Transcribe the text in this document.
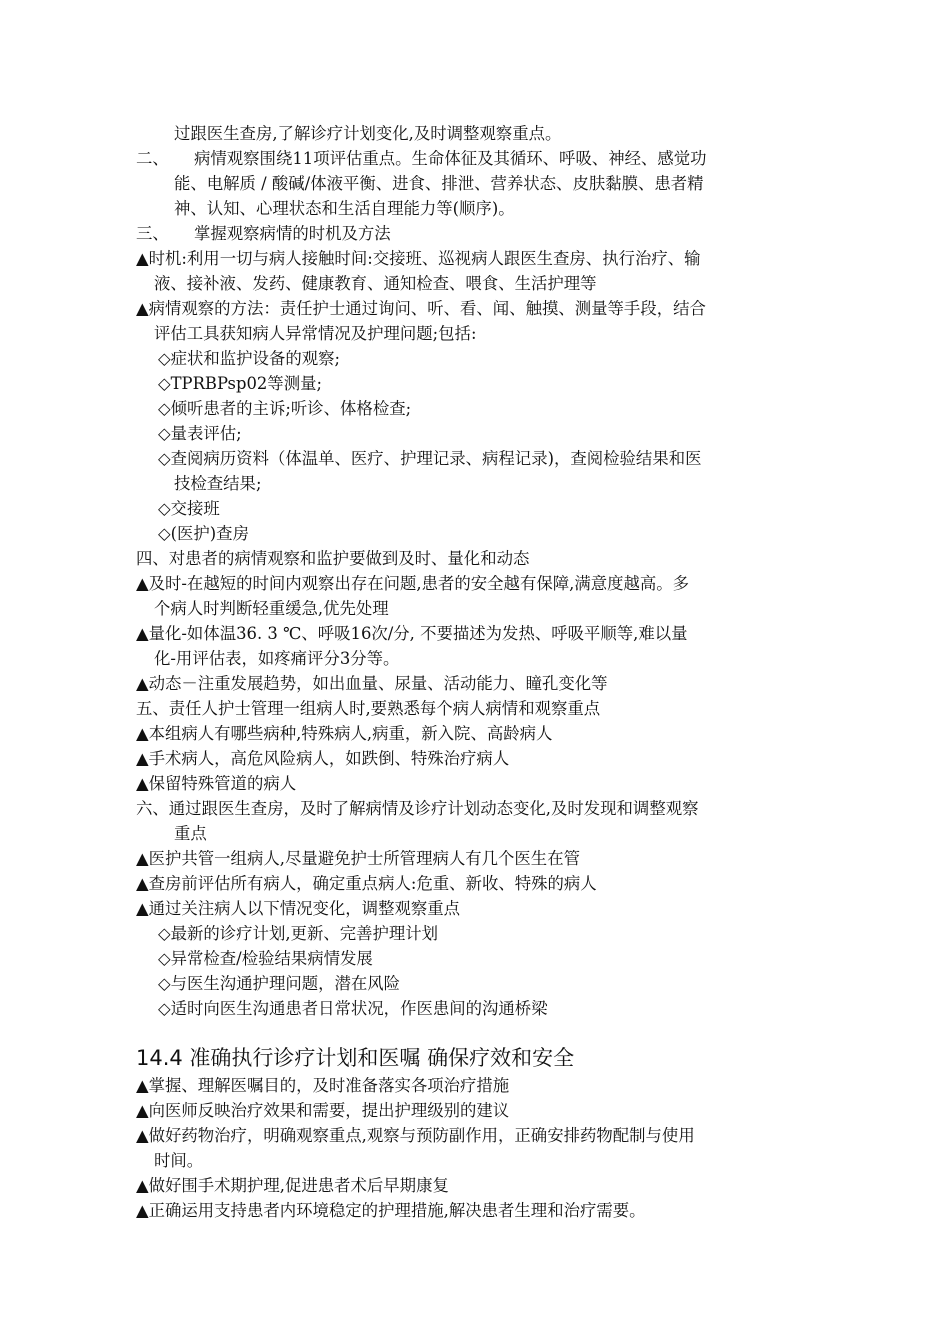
过跟医生查房,了解诊疗计划变化,及时调整观察重点。
二、 病情观察围绕11项评估重点。生命体征及其循环、呼吸、神经、感觉功
能、电解质 / 酸碱/体液平衡、进食、排泄、营养状态、皮肤黏膜、患者精
神、认知、心理状态和生活自理能力等(顺序)。
三、 掌握观察病情的时机及方法
▲时机:利用一切与病人接触时间:交接班、巡视病人跟医生查房、执行治疗、输
液、接补液、发药、健康教育、通知检查、喂食、生活护理等
▲病情观察的方法：责任护士通过询问、听、看、闻、触摸、测量等手段，结合
评估工具获知病人异常情况及护理问题;包括:
◇症状和监护设备的观察;
◇TPRBPsp02等测量;
◇倾听患者的主诉;听诊、体格检查;
◇量表评估;
◇查阅病历资料（体温单、医疗、护理记录、病程记录)，查阅检验结果和医
技检查结果;
◇交接班
◇(医护)查房
四、对患者的病情观察和监护要做到及时、量化和动态
▲及时-在越短的时间内观察出存在问题,患者的安全越有保障,满意度越高。多
个病人时判断轻重缓急,优先处理
▲量化-如体温36. 3 ℃、呼吸16次/分, 不要描述为发热、呼吸平顺等,难以量
化-用评估表，如疼痛评分3分等。
▲动态－注重发展趋势，如出血量、尿量、活动能力、瞳孔变化等
五、责任人护士管理一组病人时,要熟悉每个病人病情和观察重点
▲本组病人有哪些病种,特殊病人,病重，新入院、高龄病人
▲手术病人，高危风险病人，如跌倒、特殊治疗病人
▲保留特殊管道的病人
六、通过跟医生查房，及时了解病情及诊疗计划动态变化,及时发现和调整观察
重点
▲医护共管一组病人,尽量避免护士所管理病人有几个医生在管
▲查房前评估所有病人，确定重点病人:危重、新收、特殊的病人
▲通过关注病人以下情况变化，调整观察重点
◇最新的诊疗计划,更新、完善护理计划
◇异常检查/检验结果病情发展
◇与医生沟通护理问题，潜在风险
◇适时向医生沟通患者日常状况，作医患间的沟通桥梁
14.4 准确执行诊疗计划和医嘱 确保疗效和安全
▲掌握、理解医嘱目的，及时准备落实各项治疗措施
▲向医师反映治疗效果和需要，提出护理级别的建议
▲做好药物治疗，明确观察重点,观察与预防副作用，正确安排药物配制与使用
时间。
▲做好围手术期护理,促进患者术后早期康复
▲正确运用支持患者内环境稳定的护理措施,解决患者生理和治疗需要。
